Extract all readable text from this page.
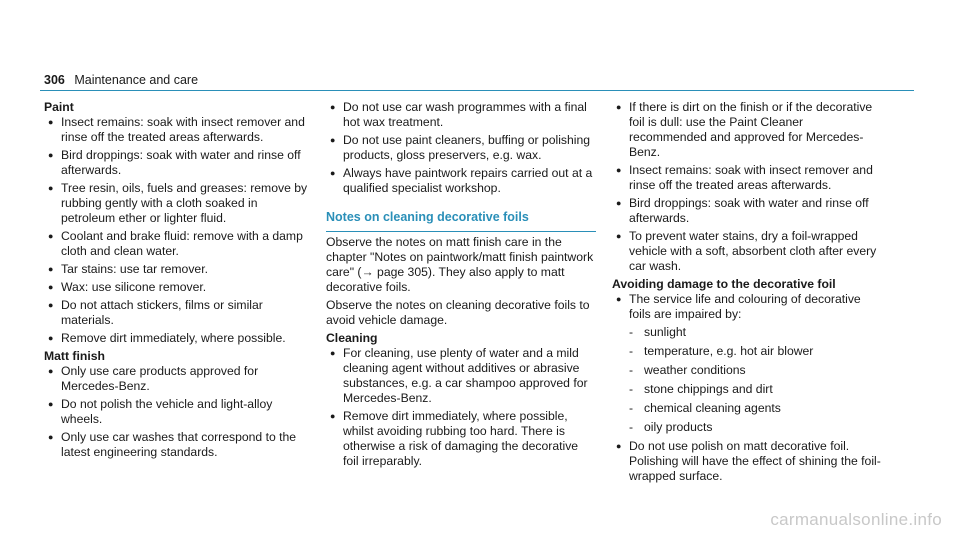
306 Maintenance and care

Paint

● Insect remains: soak with insect remover and rinse off the treated areas afterwards.
● Bird droppings: soak with water and rinse off afterwards.
● Tree resin, oils, fuels and greases: remove by rubbing gently with a cloth soaked in petroleum ether or lighter fluid.
● Coolant and brake fluid: remove with a damp cloth and clean water.
● Tar stains: use tar remover.
● Wax: use silicone remover.
● Do not attach stickers, films or similar materials.
● Remove dirt immediately, where possible.

Matt finish

● Only use care products approved for Mercedes-Benz.
● Do not polish the vehicle and light-alloy wheels.
● Only use car washes that correspond to the latest engineering standards.
● Do not use car wash programmes with a final hot wax treatment.
● Do not use paint cleaners, buffing or polishing products, gloss preservers, e.g. wax.
● Always have paintwork repairs carried out at a qualified specialist workshop.
Notes on cleaning decorative foils

Observe the notes on matt finish care in the chapter "Notes on paintwork/matt finish paintwork care" (→ page 305). They also apply to matt decorative foils.

Observe the notes on cleaning decorative foils to avoid vehicle damage.

Cleaning

● For cleaning, use plenty of water and a mild cleaning agent without additives or abrasive substances, e.g. a car shampoo approved for Mercedes-Benz.
● Remove dirt immediately, where possible, whilst avoiding rubbing too hard. There is otherwise a risk of damaging the decorative foil irreparably.
● If there is dirt on the finish or if the decorative foil is dull: use the Paint Cleaner recommended and approved for Mercedes-Benz.
● Insect remains: soak with insect remover and rinse off the treated areas afterwards.
● Bird droppings: soak with water and rinse off afterwards.
● To prevent water stains, dry a foil-wrapped vehicle with a soft, absorbent cloth after every car wash.

Avoiding damage to the decorative foil

● The service life and colouring of decorative foils are impaired by:
- sunlight
- temperature, e.g. hot air blower
- weather conditions
- stone chippings and dirt
- chemical cleaning agents
- oily products
● Do not use polish on matt decorative foil. Polishing will have the effect of shining the foil-wrapped surface.
carmanualsonline.info
